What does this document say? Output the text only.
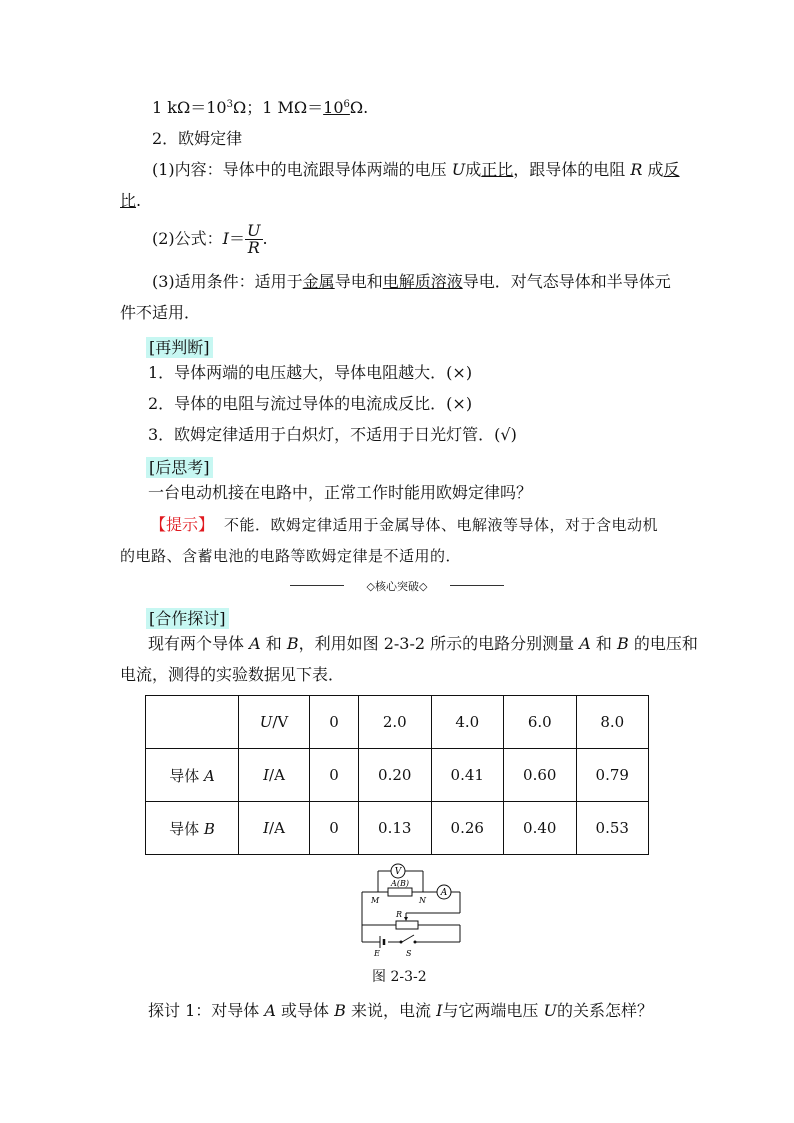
1 $k\Omega=10^3\Omega$；1 $M\Omega=10^6\Omega$.
2．欧姆定律
(1)内容：导体中的电流跟导体两端的电压 U成正比，跟导体的电阻 R 成反
比.
(2)公式：$I= \frac{U}{R}$ .
(3)适用条件：适用于金属导电和电解质溶液导电．对气态导体和半导体元
件不适用．
[再判断]
1．导体两端的电压越大，导体电阻越大．(×)
2．导体的电阻与流过导体的电流成反比．(×)
3．欧姆定律适用于白炽灯，不适用于日光灯管．(√)
[后思考]
一台电动机接在电路中，正常工作时能用欧姆定律吗？
【提示】 不能．欧姆定律适用于金属导体、电解液等导体，对于含电动机
的电路、含蓄电池的电路等欧姆定律是不适用的．
◇核心突破◇
[合作探讨]
现有两个导体 A 和 B，利用如图 2-3-2 所示的电路分别测量 A 和 B 的电压和
电流，测得的实验数据见下表．
	U/V	0	2.0	4.0	6.0	8.0
导体 A	I/A	0	0.20	0.41	0.60	0.79
导体 B	I/A	0	0.13	0.26	0.40	0.53
V
A(B)
A
M	N
R
E	S
图 2-3-2
探讨 1：对导体 A 或导体 B 来说，电流 I与它两端电压 U的关系怎样？
